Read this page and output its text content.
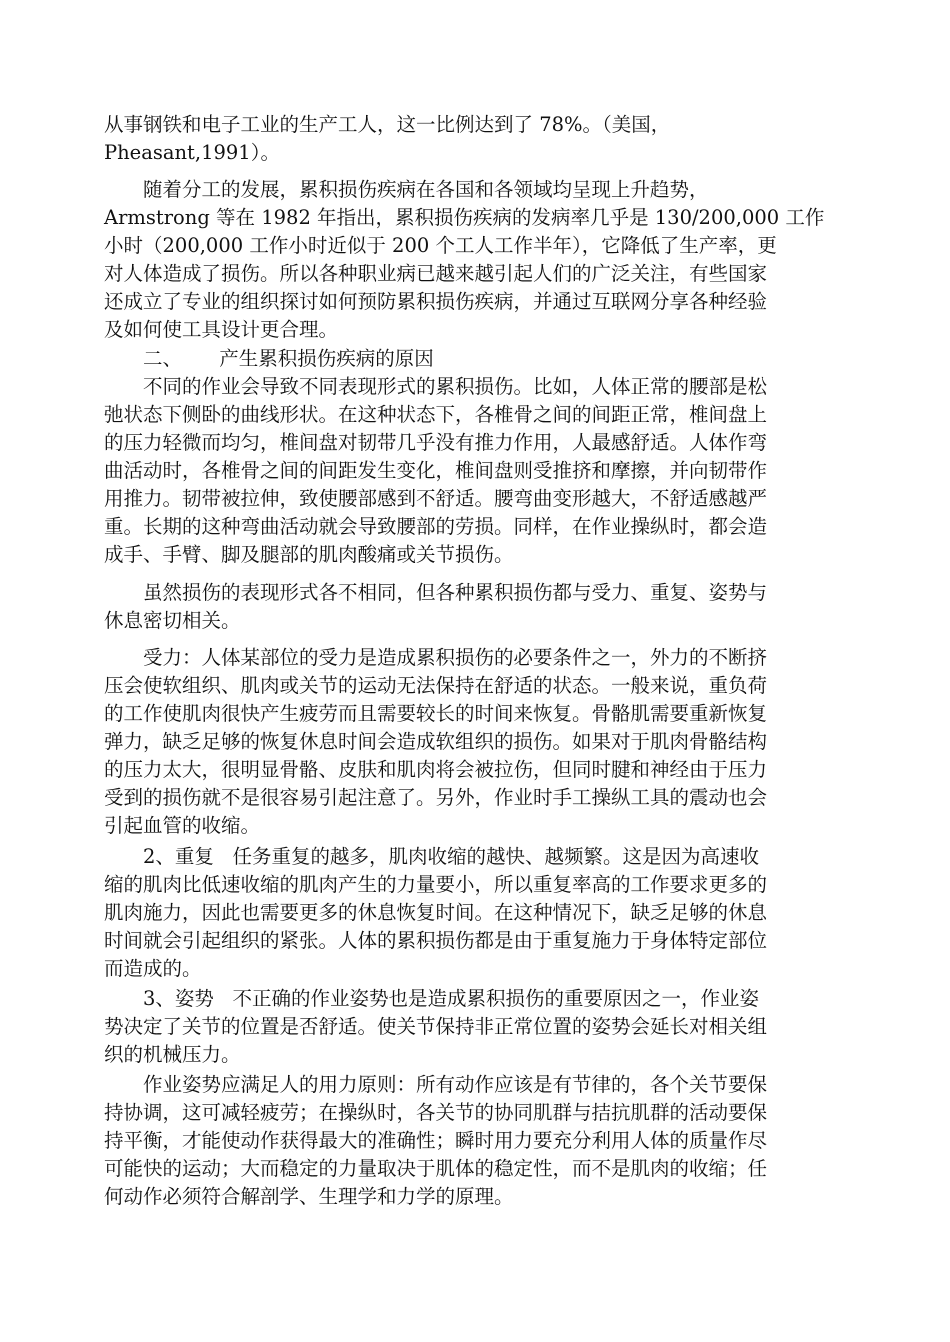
从事钢铁和电子工业的生产工人，这一比例达到了 78%。（美国，

Pheasant,1991）。

随着分工的发展，累积损伤疾病在各国和各领域均呈现上升趋势，

Armstrong 等在 1982 年指出，累积损伤疾病的发病率几乎是 130/200,000 工作

小时（200,000 工作小时近似于 200 个工人工作半年），它降低了生产率，更

对人体造成了损伤。所以各种职业病已越来越引起人们的广泛关注，有些国家

还成立了专业的组织探讨如何预防累积损伤疾病，并通过互联网分享各种经验

及如何使工具设计更合理。

二、      产生累积损伤疾病的原因

不同的作业会导致不同表现形式的累积损伤。比如，人体正常的腰部是松

弛状态下侧卧的曲线形状。在这种状态下，各椎骨之间的间距正常，椎间盘上

的压力轻微而均匀，椎间盘对韧带几乎没有推力作用，人最感舒适。人体作弯

曲活动时，各椎骨之间的间距发生变化，椎间盘则受推挤和摩擦，并向韧带作

用推力。韧带被拉伸，致使腰部感到不舒适。腰弯曲变形越大，不舒适感越严

重。长期的这种弯曲活动就会导致腰部的劳损。同样，在作业操纵时，都会造

成手、手臂、脚及腿部的肌肉酸痛或关节损伤。

虽然损伤的表现形式各不相同，但各种累积损伤都与受力、重复、姿势与

休息密切相关。

受力：人体某部位的受力是造成累积损伤的必要条件之一，外力的不断挤

压会使软组织、肌肉或关节的运动无法保持在舒适的状态。一般来说，重负荷

的工作使肌肉很快产生疲劳而且需要较长的时间来恢复。骨骼肌需要重新恢复

弹力，缺乏足够的恢复休息时间会造成软组织的损伤。如果对于肌肉骨骼结构

的压力太大，很明显骨骼、皮肤和肌肉将会被拉伤，但同时腱和神经由于压力

受到的损伤就不是很容易引起注意了。另外，作业时手工操纵工具的震动也会

引起血管的收缩。

2、重复   任务重复的越多，肌肉收缩的越快、越频繁。这是因为高速收

缩的肌肉比低速收缩的肌肉产生的力量要小，所以重复率高的工作要求更多的

肌肉施力，因此也需要更多的休息恢复时间。在这种情况下，缺乏足够的休息

时间就会引起组织的紧张。人体的累积损伤都是由于重复施力于身体特定部位

而造成的。

3、姿势   不正确的作业姿势也是造成累积损伤的重要原因之一，作业姿

势决定了关节的位置是否舒适。使关节保持非正常位置的姿势会延长对相关组

织的机械压力。

作业姿势应满足人的用力原则：所有动作应该是有节律的，各个关节要保

持协调，这可减轻疲劳；在操纵时，各关节的协同肌群与拮抗肌群的活动要保

持平衡，才能使动作获得最大的准确性；瞬时用力要充分利用人体的质量作尽

可能快的运动；大而稳定的力量取决于肌体的稳定性，而不是肌肉的收缩；任

何动作必须符合解剖学、生理学和力学的原理。
